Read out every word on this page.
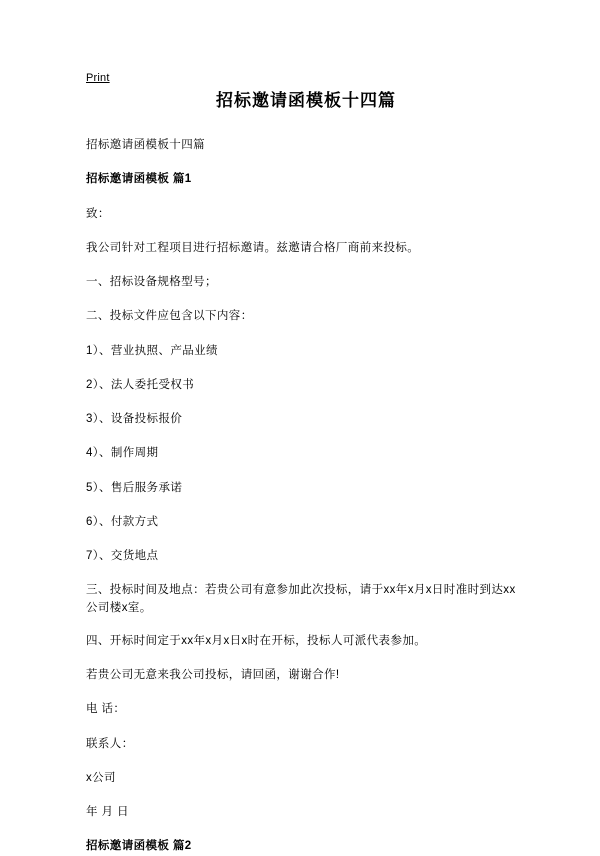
Print
招标邀请函模板十四篇

招标邀请函模板十四篇

招标邀请函模板 篇1

致：

我公司针对工程项目进行招标邀请。兹邀请合格厂商前来投标。

一、招标设备规格型号；

二、投标文件应包含以下内容：

1）、营业执照、产品业绩

2）、法人委托受权书

3）、设备投标报价

4）、制作周期

5）、售后服务承诺

6）、付款方式

7）、交货地点

三、投标时间及地点：若贵公司有意参加此次投标，请于xx年x月x日时准时到达xx公司楼x室。

四、开标时间定于xx年x月x日x时在开标，投标人可派代表参加。

若贵公司无意来我公司投标，请回函，谢谢合作!

电 话：

联系人：

x公司

年 月 日

招标邀请函模板 篇2
